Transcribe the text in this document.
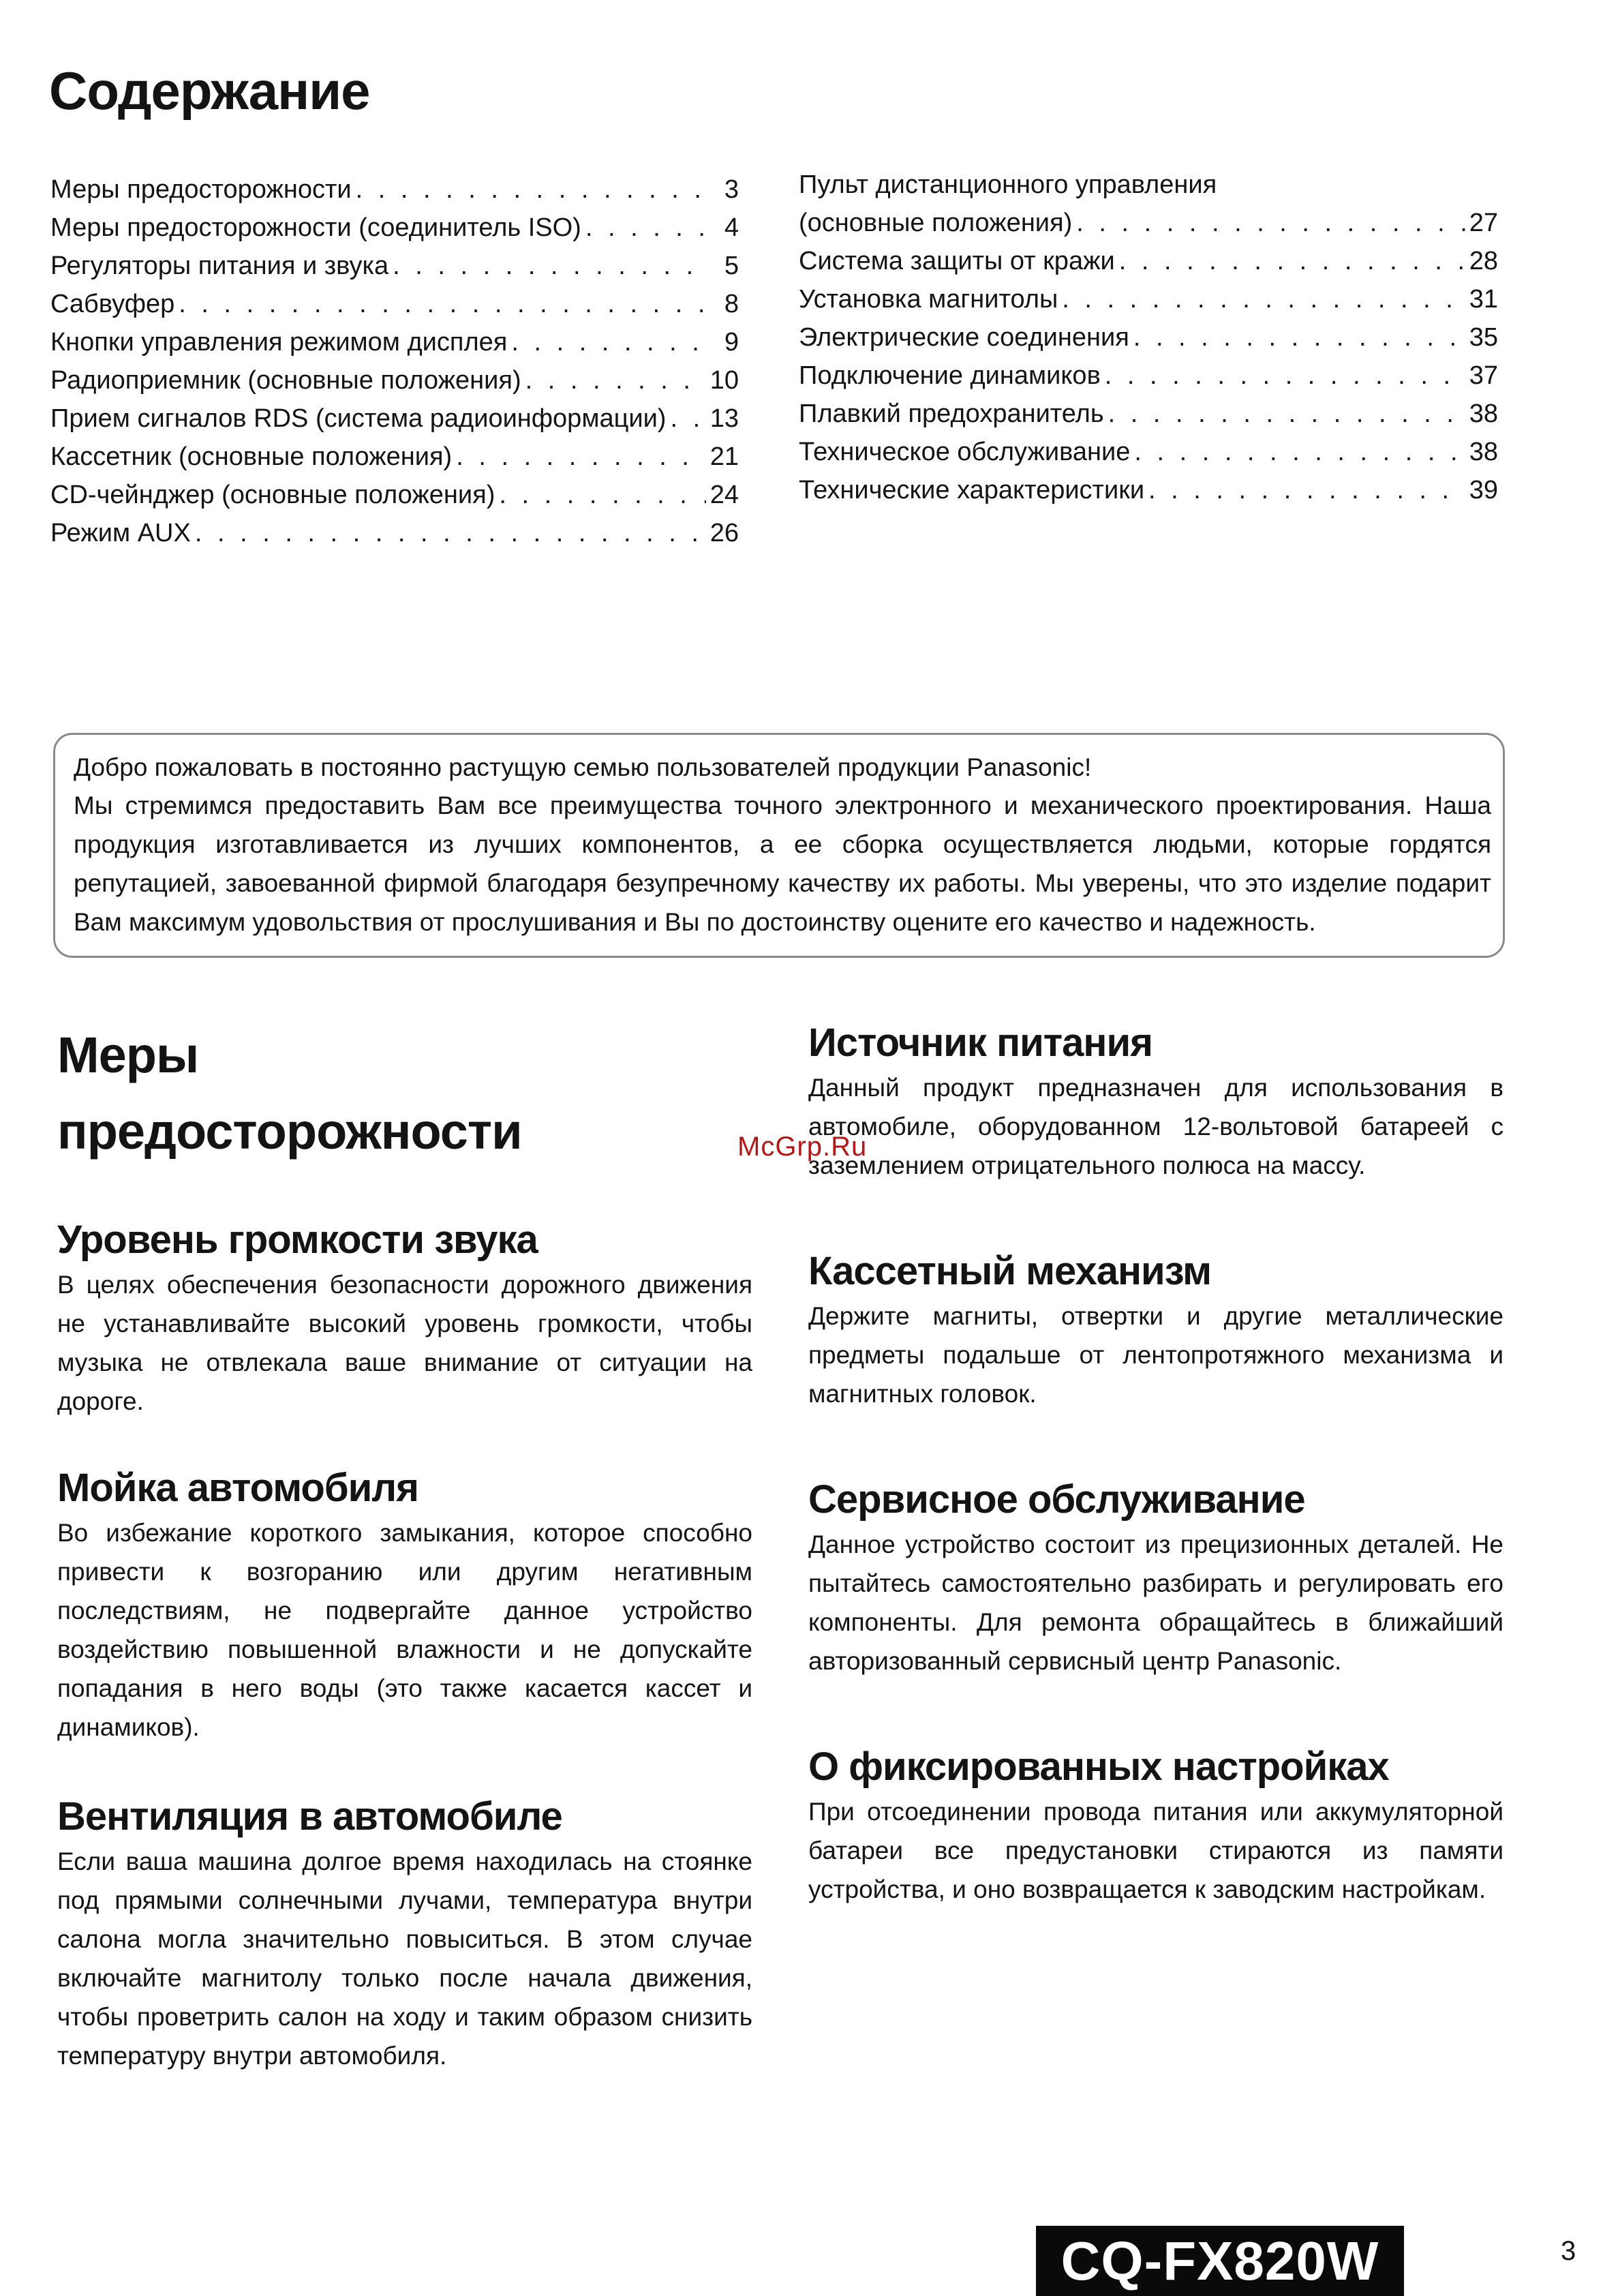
Содержание
Меры предосторожности . . .	3
Меры предосторожности (соединитель ISO) . . .	4
Регуляторы питания и звука . . .	5
Сабвуфер . . .	8
Кнопки управления режимом дисплея . . .	9
Радиоприемник (основные положения) . . .	10
Прием сигналов RDS (система радиоинформации) . . . 13
Кассетник (основные положения) . . .	21
CD-чейнджер (основные положения) . . .	24
Режим AUX . . .	26
Пульт дистанционного управления
(основные положения) . . .	27
Система защиты от кражи . . .	28
Установка магнитолы . . .	31
Электрические соединения . . .	35
Подключение динамиков . . .	37
Плавкий предохранитель . . .	38
Техническое обслуживание . . .	38
Технические характеристики . . .	39
Добро пожаловать в постоянно растущую семью пользователей продукции Panasonic!
Мы стремимся предоставить Вам все преимущества точного электронного и механического проектирования. Наша продукция изготавливается из лучших компонентов, а ее сборка осуществляется людьми, которые гордятся репутацией, завоеванной фирмой благодаря безупречному качеству их работы. Мы уверены, что это изделие подарит Вам максимум удовольствия от прослушивания и Вы по достоинству оцените его качество и надежность.
Меры
предосторожности
Уровень громкости звука
В целях обеспечения безопасности дорожного движения не устанавливайте высокий уровень громкости, чтобы музыка не отвлекала ваше внимание от ситуации на дороге.
Мойка автомобиля
Во избежание короткого замыкания, которое способно привести к возгоранию или другим негативным последствиям, не подвергайте данное устройство воздействию повышенной влажности и не допускайте попадания в него воды (это также касается кассет и динамиков).
Вентиляция в автомобиле
Если ваша машина долгое время находилась на стоянке под прямыми солнечными лучами, температура внутри салона могла значительно повыситься. В этом случае включайте магнитолу только после начала движения, чтобы проветрить салон на ходу и таким образом снизить температуру внутри автомобиля.
Источник питания
Данный продукт предназначен для использования в автомобиле, оборудованном 12-вольтовой батареей с заземлением отрицательного полюса на массу.
Кассетный механизм
Держите магниты, отвертки и другие металлические предметы подальше от лентопротяжного механизма и магнитных головок.
Сервисное обслуживание
Данное устройство состоит из прецизионных деталей. Не пытайтесь самостоятельно разбирать и регулировать его компоненты. Для ремонта обращайтесь в ближайший авторизованный сервисный центр Panasonic.
О фиксированных настройках
При отсоединении провода питания или аккумуляторной батареи все предустановки стираются из памяти устройства, и оно возвращается к заводским настройкам.
McGrp.Ru
CQ-FX820W	3
